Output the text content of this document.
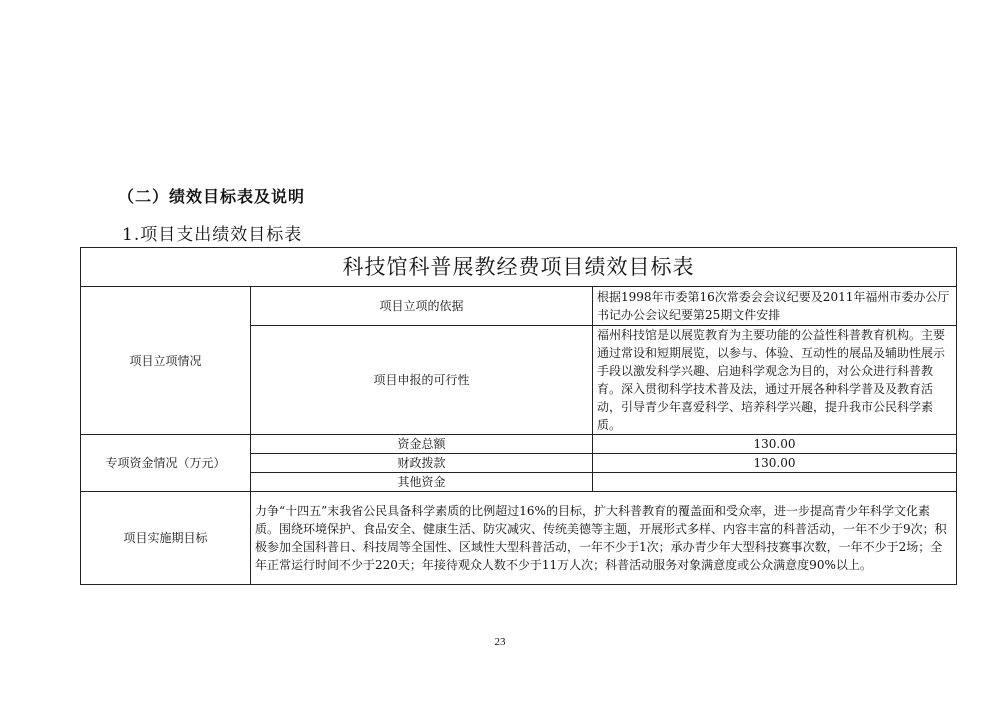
（二）绩效目标表及说明
1.项目支出绩效目标表
科技馆科普展教经费项目绩效目标表		
项目立项情况	项目立项的依据	根据1998年市委第16次常委会会议纪要及2011年福州市委办公厅书记办公会议纪要第25期文件安排
	项目申报的可行性	福州科技馆是以展览教育为主要功能的公益性科普教育机构。主要通过常设和短期展览，以参与、体验、互动性的展品及辅助性展示手段以激发科学兴趣、启迪科学观念为目的，对公众进行科普教育。深入贯彻科学技术普及法，通过开展各种科学普及及教育活动，引导青少年喜爱科学、培养科学兴趣，提升我市公民科学素质。
专项资金情况（万元）	资金总额	130.00
	财政拨款	130.00
	其他资金	
项目实施期目标	力争“十四五”末我省公民具备科学素质的比例超过16%的目标，扩大科普教育的覆盖面和受众率，进一步提高青少年科学文化素质。围绕环境保护、食品安全、健康生活、防灾减灾、传统美德等主题，开展形式多样、内容丰富的科普活动，一年不少于9次；积极参加全国科普日、科技周等全国性、区域性大型科普活动，一年不少于1次；承办青少年大型科技赛事次数，一年不少于2场；全年正常运行时间不少于220天；年接待观众人数不少于11万人次；科普活动服务对象满意度或公众满意度90%以上。	
23
